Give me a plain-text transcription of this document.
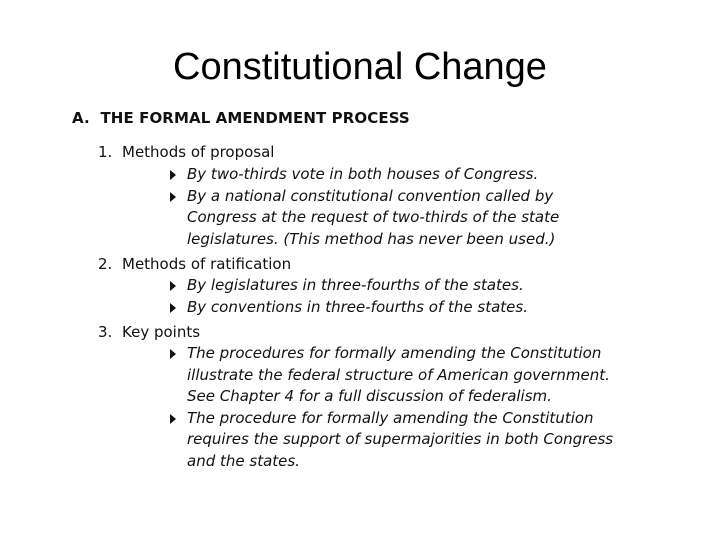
Constitutional Change
A. THE FORMAL AMENDMENT PROCESS
1. Methods of proposal
By two-thirds vote in both houses of Congress.
By a national constitutional convention called by
Congress at the request of two-thirds of the state
legislatures. (This method has never been used.)
2. Methods of ratification
By legislatures in three-fourths of the states.
By conventions in three-fourths of the states.
3. Key points
The procedures for formally amending the Constitution
illustrate the federal structure of American government.
See Chapter 4 for a full discussion of federalism.
The procedure for formally amending the Constitution
requires the support of supermajorities in both Congress
and the states.
